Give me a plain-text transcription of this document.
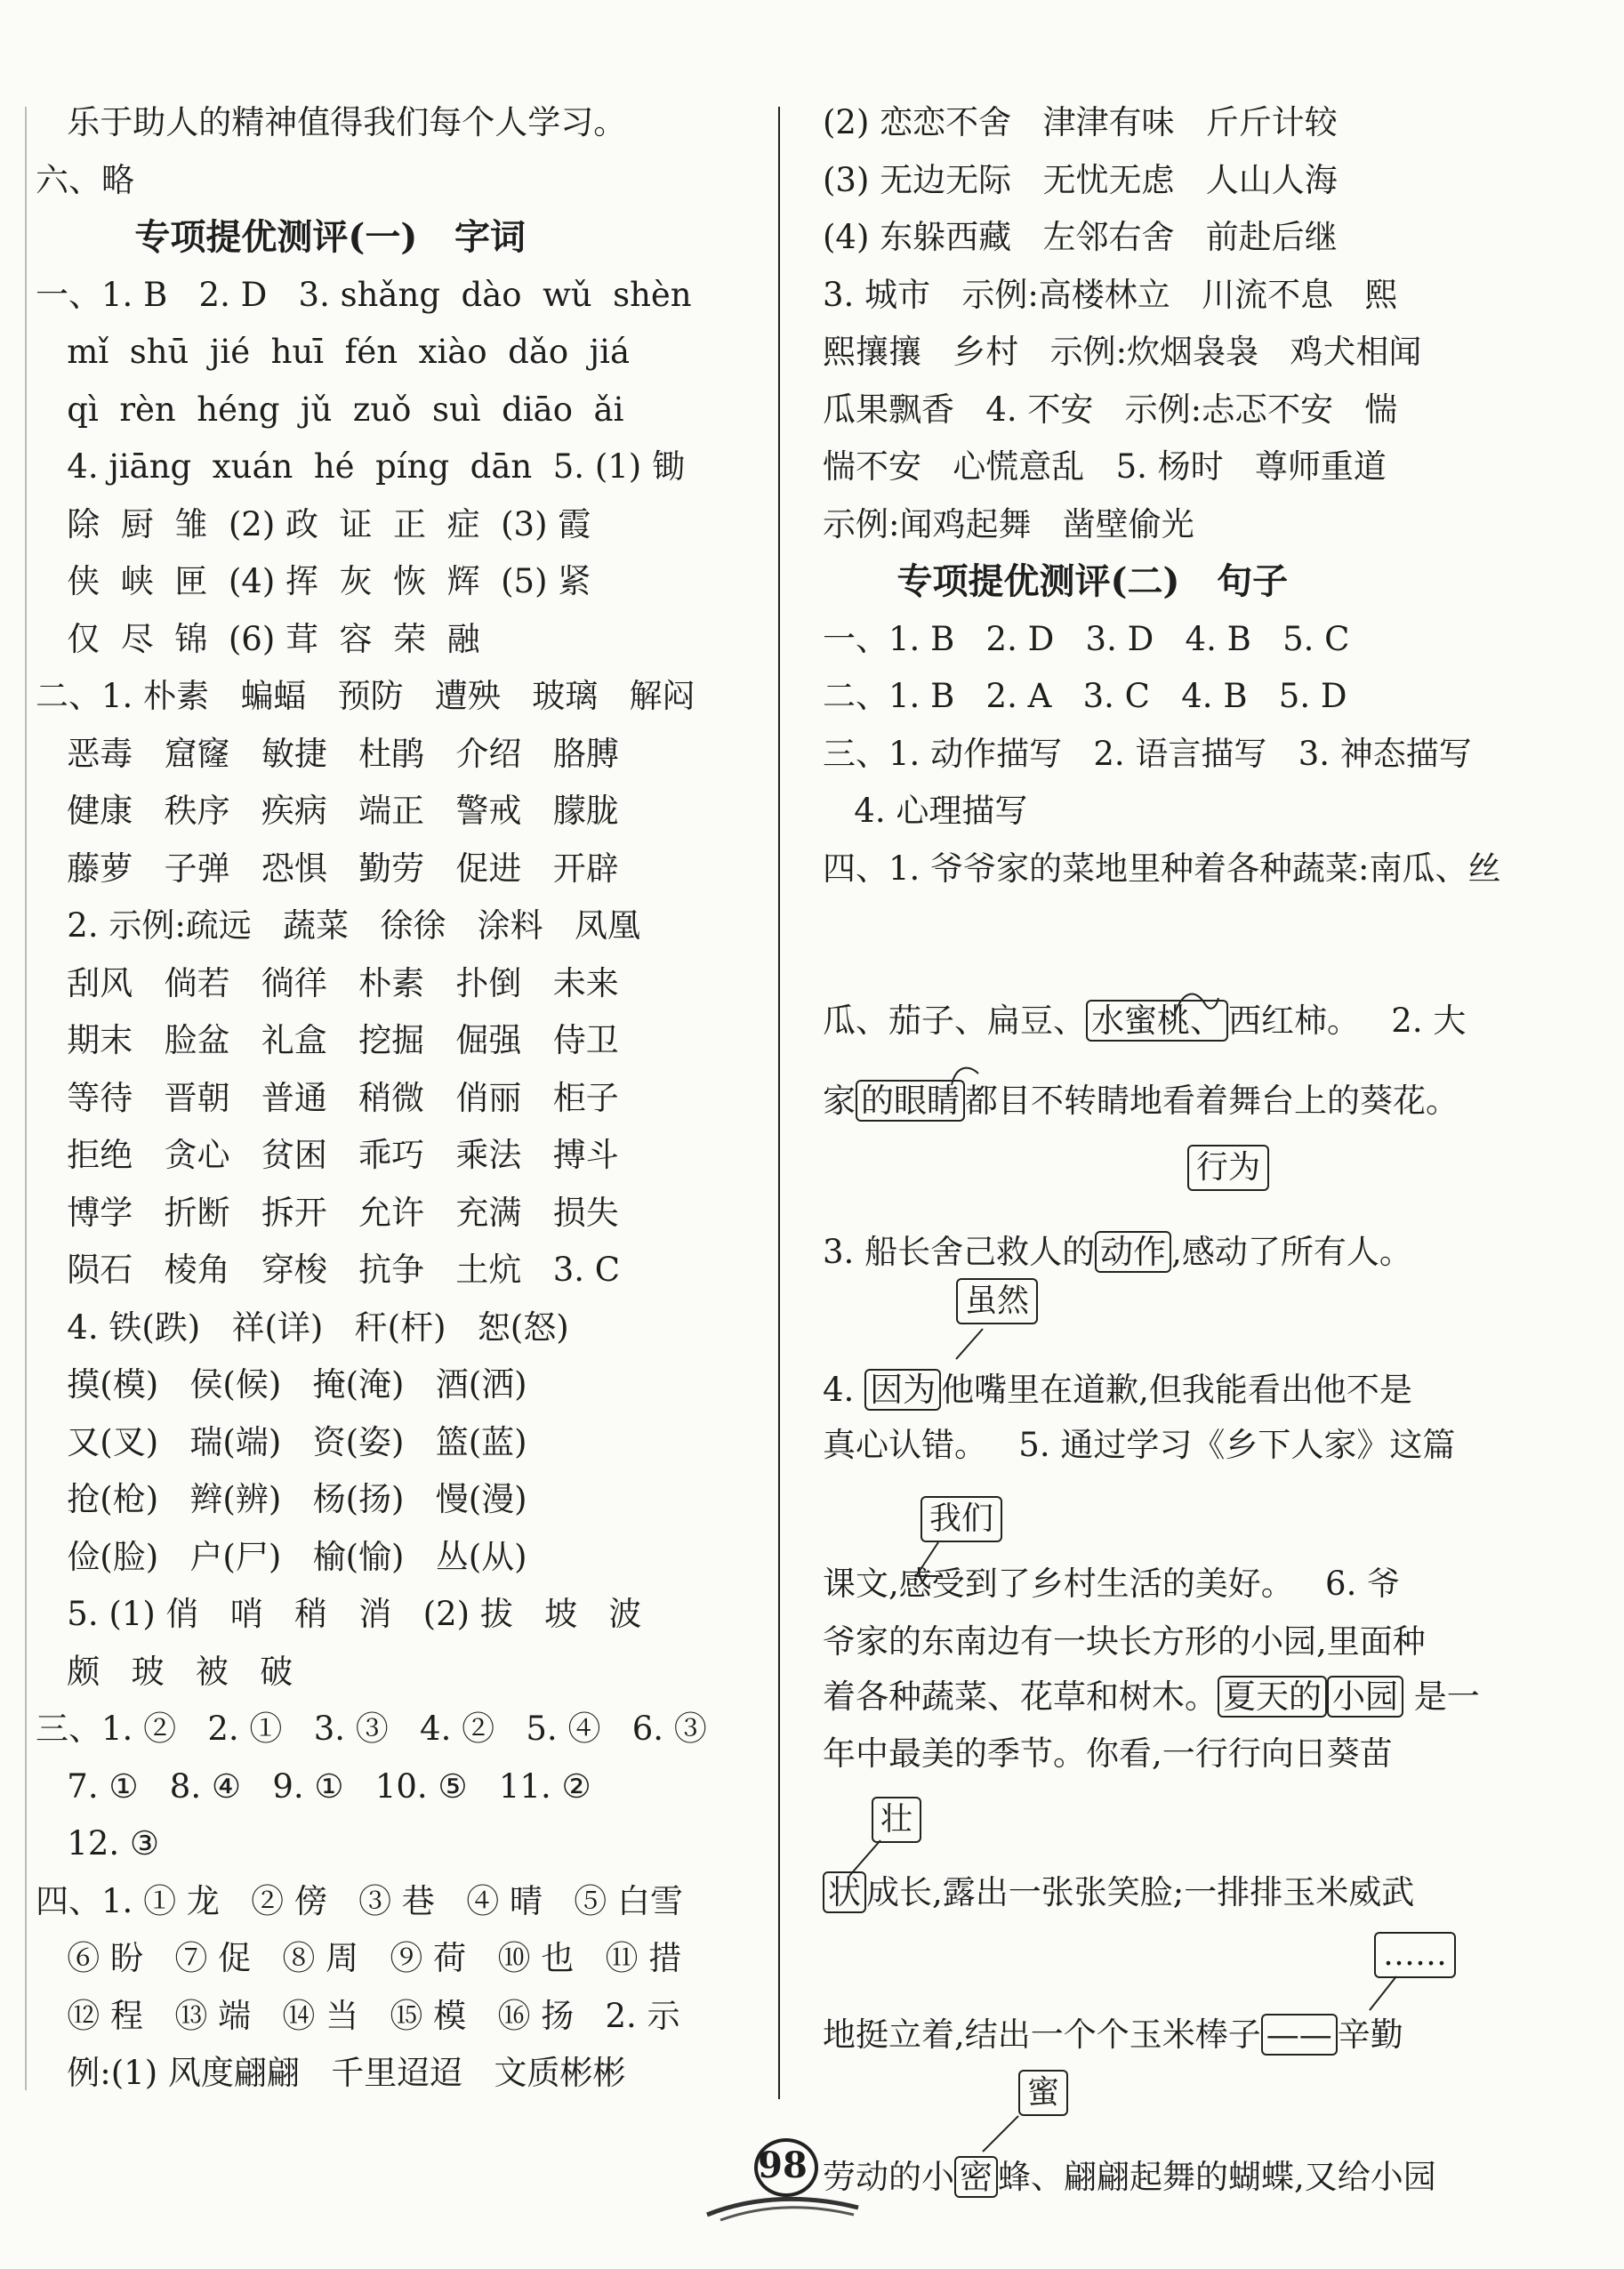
乐于助人的精神值得我们每个人学习。
六、略
专项提优测评(一)   字词
一、1. B   2. D   3. shǎng  dào  wǔ  shèn
mǐ  shū  jié  huī  fén  xiào  dǎo  jiá
qì  rèn  héng  jǔ  zuǒ  suì  diāo  ǎi
4. jiāng  xuán  hé  píng  dān  5. (1) 锄
除  厨  雏  (2) 政  证  正  症  (3) 霞
侠  峡  匣  (4) 挥  灰  恢  辉  (5) 紧
仅  尽  锦  (6) 茸  容  荣  融
二、1. 朴素   蝙蝠   预防   遭殃   玻璃   解闷
恶毒   窟窿   敏捷   杜鹃   介绍   胳膊
健康   秩序   疾病   端正   警戒   朦胧
藤萝   子弹   恐惧   勤劳   促进   开辟
2. 示例:疏远   蔬菜   徐徐   涂料   凤凰
刮风   倘若   徜徉   朴素   扑倒   未来
期末   脸盆   礼盒   挖掘   倔强   侍卫
等待   晋朝   普通   稍微   俏丽   柜子
拒绝   贪心   贫困   乖巧   乘法   搏斗
博学   折断   拆开   允许   充满   损失
陨石   棱角   穿梭   抗争   土炕   3. C
4. 铁(跌)   祥(详)   秆(杆)   恕(怒)
摸(模)   侯(候)   掩(淹)   酒(洒)
又(叉)   瑞(端)   资(姿)   篮(蓝)
抢(枪)   辫(辨)   杨(扬)   慢(漫)
俭(脸)   户(尸)   榆(愉)   丛(从)
5. (1) 俏   哨   稍   消   (2) 拔   坡   波
颇   玻   被   破
三、1. ②   2. ①   3. ③   4. ②   5. ④   6. ③
7. ①   8. ④   9. ①   10. ⑤   11. ②
12. ③
四、1. ① 龙   ② 傍   ③ 巷   ④ 晴   ⑤ 白雪
⑥ 盼   ⑦ 促   ⑧ 周   ⑨ 荷   ⑩ 也   ⑪ 措
⑫ 程   ⑬ 端   ⑭ 当   ⑮ 模   ⑯ 扬   2. 示
例:(1) 风度翩翩   千里迢迢   文质彬彬
(2) 恋恋不舍   津津有味   斤斤计较
(3) 无边无际   无忧无虑   人山人海
(4) 东躲西藏   左邻右舍   前赴后继
3. 城市   示例:高楼林立   川流不息   熙
熙攘攘   乡村   示例:炊烟袅袅   鸡犬相闻
瓜果飘香   4. 不安   示例:忐忑不安   惴
惴不安   心慌意乱   5. 杨时   尊师重道
示例:闻鸡起舞   凿壁偷光
专项提优测评(二)   句子
一、1. B   2. D   3. D   4. B   5. C
二、1. B   2. A   3. C   4. B   5. D
三、1. 动作描写   2. 语言描写   3. 神态描写
4. 心理描写
四、1. 爷爷家的菜地里种着各种蔬菜:南瓜、丝
瓜、茄子、扁豆、 水蜜桃、 西红柿。   2. 大
家 的眼睛 都目不转睛地看着舞台上的葵花。
行为
3. 船长舍己救人的 动作 ,感动了所有人。
虽然
4. 因为 他嘴里在道歉,但我能看出他不是
真心认错。   5. 通过学习《乡下人家》这篇
我们
课文,感受到了乡村生活的美好。   6. 爷
爷家的东南边有一块长方形的小园,里面种
着各种蔬菜、花草和树木。 夏天的 小园 是一
年中最美的季节。你看,一行行向日葵苗
壮
状 成长,露出一张张笑脸;一排排玉米威武
……
地挺立着,结出一个个玉米棒子 —— 辛勤
蜜
劳动的小 密 蜂、翩翩起舞的蝴蝶,又给小园
98
